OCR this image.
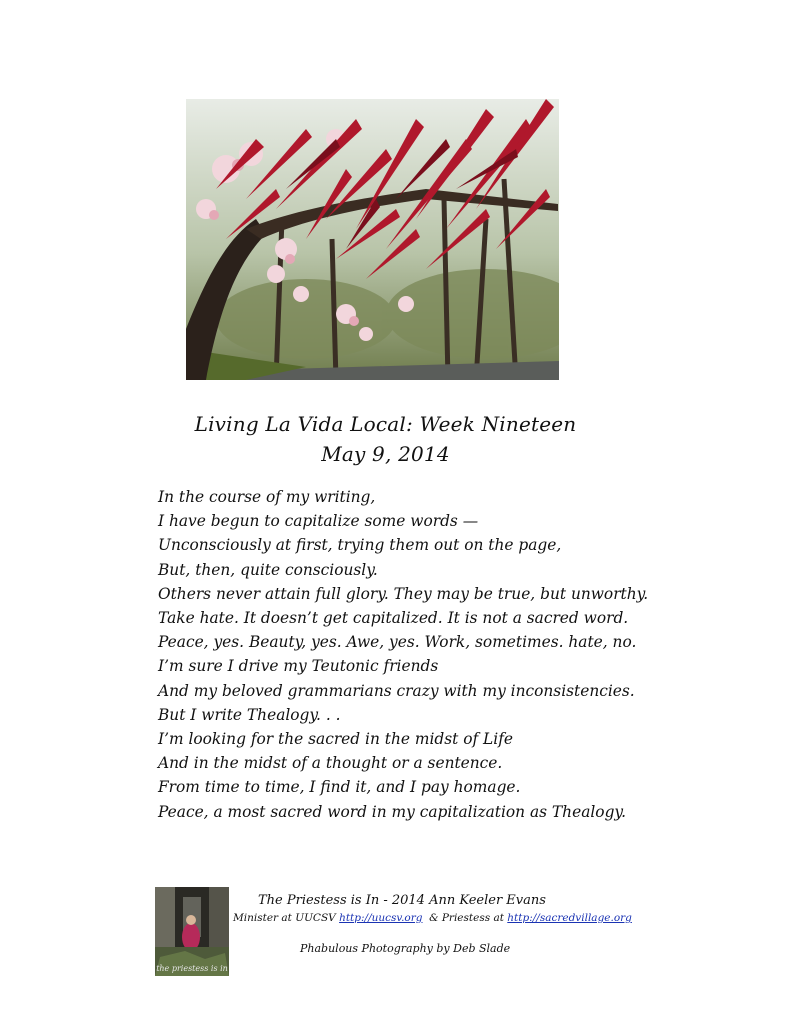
Living La Vida Local: Week Nineteen
May 9, 2014
In the course of my writing,
I have begun to capitalize some words —
Unconsciously at first, trying them out on the page,
But, then, quite consciously.
Others never attain full glory. They may be true, but unworthy.
Take hate. It doesn’t get capitalized. It is not a sacred word.
Peace, yes. Beauty, yes. Awe, yes. Work, sometimes. hate, no.
I’m sure I drive my Teutonic friends
And my beloved grammarians crazy with my inconsistencies.
But I write Thealogy. . .
I’m looking for the sacred in the midst of Life
And in the midst of a thought or a sentence.
From time to time, I find it, and I pay homage.
Peace, a most sacred word in my capitalization as Thealogy.
the priestess is in
The Priestess is In - 2014 Ann Keeler Evans
Minister at UUCSV http://uucsv.org  & Priestess at http://sacredvillage.org
Phabulous Photography by Deb Slade
